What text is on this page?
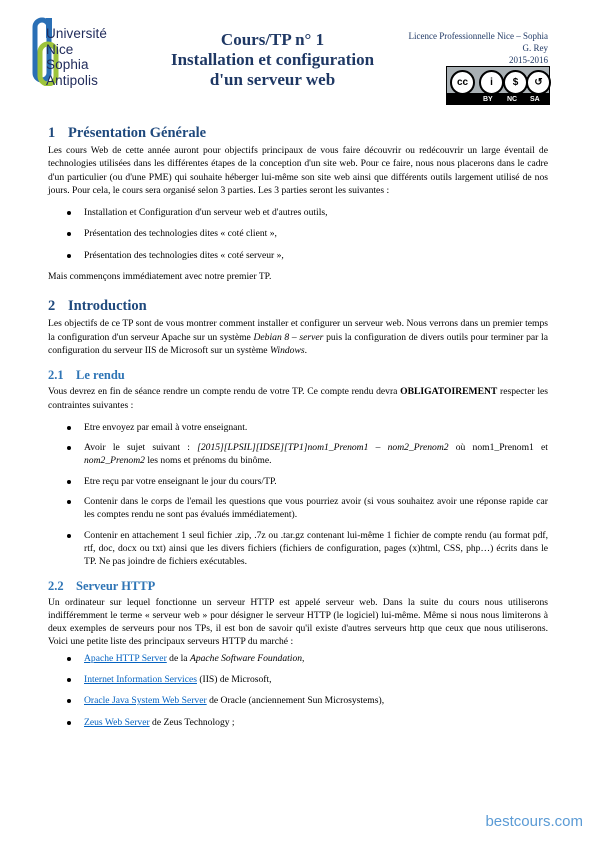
Université
Nice
Sophia Antipolis
Cours/TP n° 1
Installation et configuration
d'un serveur web
Licence Professionnelle Nice – Sophia
G. Rey
2015-2016
cc	i	$	↺
BY NC SA
1 Présentation Générale

Les cours Web de cette année auront pour objectifs principaux de vous faire découvrir ou redécouvrir un large éventail de technologies utilisées dans les différentes étapes de la conception d'un site web. Pour ce faire, nous nous placerons dans le cadre d'un particulier (ou d'une PME) qui souhaite héberger lui-même son site web ainsi que différents outils largement utilisé de nos jours. Pour cela, le cours sera organisé selon 3 parties. Les 3 parties seront les suivantes :

Installation et Configuration d'un serveur web et d'autres outils,
Présentation des technologies dites « coté client »,
Présentation des technologies dites « coté serveur »,

Mais commençons immédiatement avec notre premier TP.

2 Introduction

Les objectifs de ce TP sont de vous montrer comment installer et configurer un serveur web. Nous verrons dans un premier temps la configuration d'un serveur Apache sur un système Debian 8 – server puis la configuration de divers outils pour terminer par la configuration du serveur IIS de Microsoft sur un système Windows.

2.1 Le rendu

Vous devrez en fin de séance rendre un compte rendu de votre TP. Ce compte rendu devra OBLIGATOIREMENT respecter les contraintes suivantes :

Etre envoyez par email à votre enseignant.
Avoir le sujet suivant : [2015][LPSIL][IDSE][TP1]nom1_Prenom1 – nom2_Prenom2 où nom1_Prenom1 et nom2_Prenom2 les noms et prénoms du binôme.
Etre reçu par votre enseignant le jour du cours/TP.
Contenir dans le corps de l'email les questions que vous pourriez avoir (si vous souhaitez avoir une réponse rapide car les comptes rendu ne sont pas évalués immédiatement).
Contenir en attachement 1 seul fichier .zip, .7z ou .tar.gz contenant lui-même 1 fichier de compte rendu (au format pdf, rtf, doc, docx ou txt) ainsi que les divers fichiers (fichiers de configuration, pages (x)html, CSS, php…) écrits dans le TP. Ne pas joindre de fichiers exécutables.
2.2 Serveur HTTP

Un ordinateur sur lequel fonctionne un serveur HTTP est appelé serveur web. Dans la suite du cours nous utiliserons indifféremment le terme « serveur web » pour désigner le serveur HTTP (le logiciel) lui-même. Même si nous nous limiterons à deux exemples de serveurs pour nos TPs, il est bon de savoir qu'il existe d'autres serveurs http que ceux que nous utiliserons. Voici une petite liste des principaux serveurs HTTP du marché :

Apache HTTP Server de la Apache Software Foundation,
Internet Information Services (IIS) de Microsoft,
Oracle Java System Web Server de Oracle (anciennement Sun Microsystems),
Zeus Web Server de Zeus Technology ;
bestcours.com
